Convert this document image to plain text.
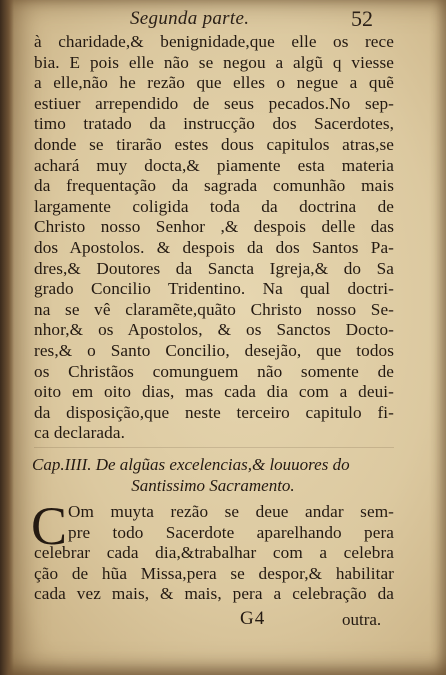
Segunda parte.	52
à charidade,& benignidade,que elle os rece
bia. E pois elle não se negou a algũ q viesse
a elle,não he rezão que elles o negue a quẽ
estiuer arrependido de seus pecados.No sep-
timo tratado da instrucção dos Sacerdotes,
donde se tirarão estes dous capitulos atras,se
achará muy docta,& piamente esta materia
da frequentação da sagrada comunhão mais
largamente coligida toda da doctrina de
Christo nosso Senhor ,& despois delle das
dos Apostolos. & despois da dos Santos Pa-
dres,& Doutores da Sancta Igreja,& do Sa
grado Concilio Tridentino. Na qual doctri-
na se vê claramẽte,quãto Christo nosso Se-
nhor,& os Apostolos, & os Sanctos Docto-
res,& o Santo Concilio, desejão, que todos
os Christãos comunguem não somente de
oito em oito dias, mas cada dia com a deui-
da disposição,que neste terceiro capitulo fi-
ca declarada.
Cap.IIII. De algũas excelencias,& louuores do
Santissimo Sacramento.
C Om muyta rezão se deue andar sem-
pre todo Sacerdote aparelhando pera
celebrar cada dia,&trabalhar com a celebra
ção de hũa Missa,pera se despor,& habilitar
cada vez mais, & mais, pera a celebração da
G4	outra.
